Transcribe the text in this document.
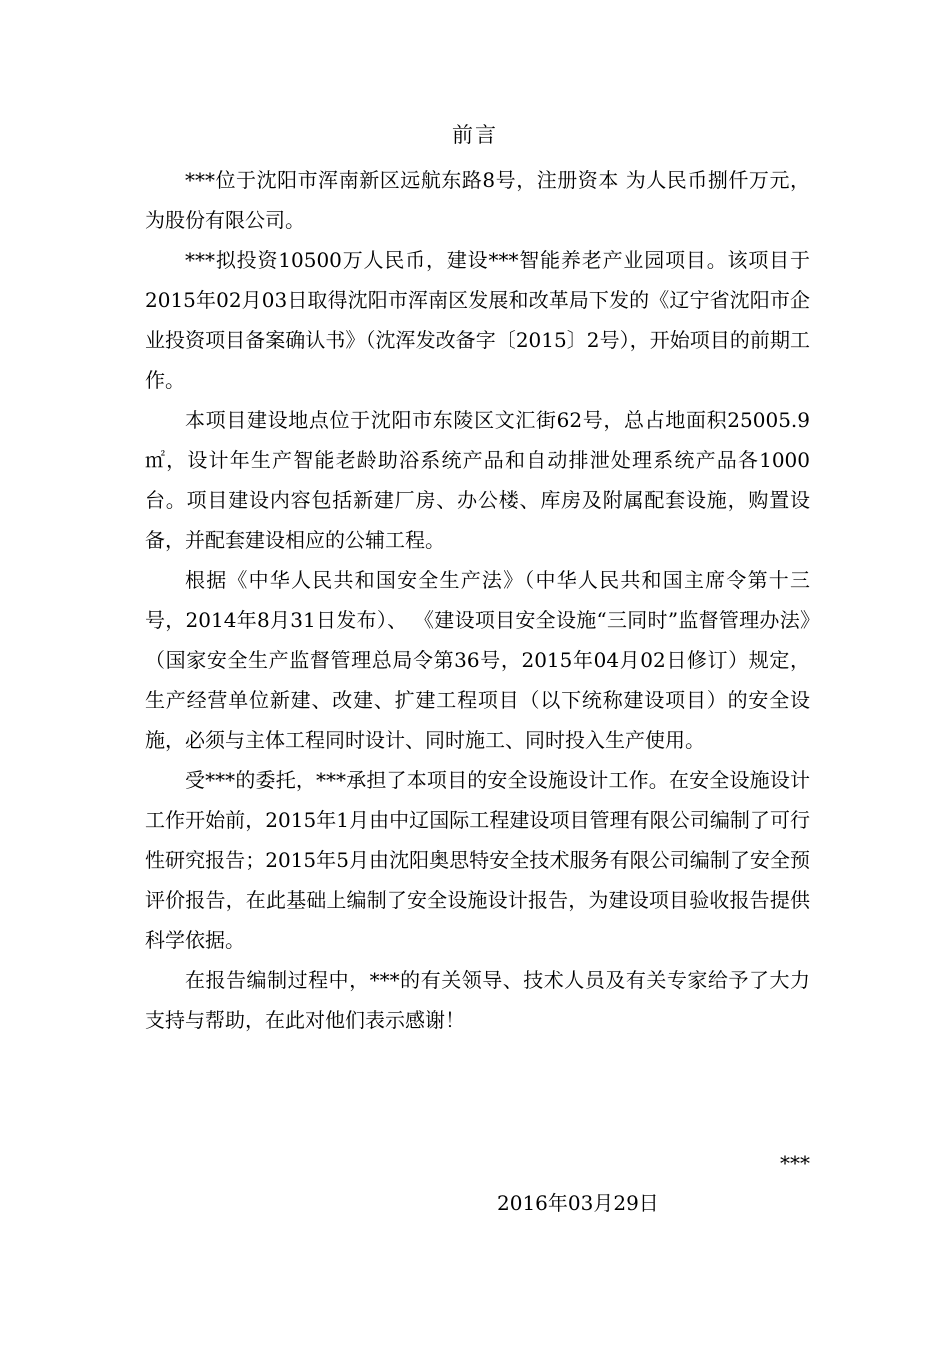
前言

***位于沈阳市浑南新区远航东路8号，注册资本 为人民币捌仟万元，为股份有限公司。

***拟投资10500万人民币，建设***智能养老产业园项目。该项目于2015年02月03日取得沈阳市浑南区发展和改革局下发的《辽宁省沈阳市企业投资项目备案确认书》（沈浑发改备字〔2015〕2号），开始项目的前期工作。

本项目建设地点位于沈阳市东陵区文汇街62号，总占地面积25005.9㎡，设计年生产智能老龄助浴系统产品和自动排泄处理系统产品各1000台。项目建设内容包括新建厂房、办公楼、库房及附属配套设施，购置设备，并配套建设相应的公辅工程。

根据《中华人民共和国安全生产法》（中华人民共和国主席令第十三号，2014年8月31日发布）、 《建设项目安全设施“三同时”监督管理办法》（国家安全生产监督管理总局令第36号，2015年04月02日修订）规定，生产经营单位新建、改建、扩建工程项目（以下统称建设项目）的安全设施，必须与主体工程同时设计、同时施工、同时投入生产使用。

受***的委托，***承担了本项目的安全设施设计工作。在安全设施设计工作开始前，2015年1月由中辽国际工程建设项目管理有限公司编制了可行性研究报告；2015年5月由沈阳奥思特安全技术服务有限公司编制了安全预评价报告，在此基础上编制了安全设施设计报告，为建设项目验收报告提供科学依据。

在报告编制过程中，***的有关领导、技术人员及有关专家给予了大力支持与帮助，在此对他们表示感谢！

***
2016年03月29日
